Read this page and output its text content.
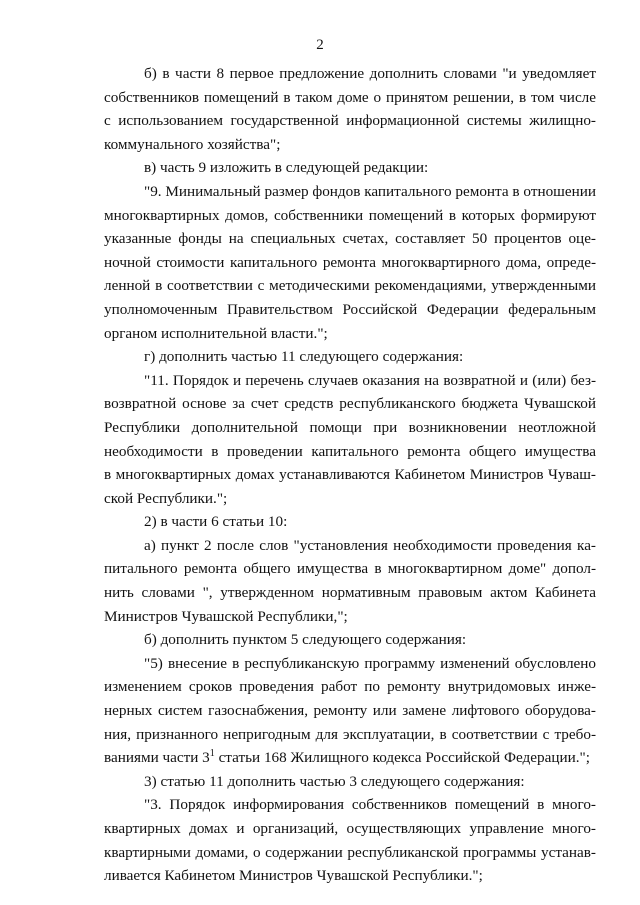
2

б) в части 8 первое предложение дополнить словами "и уведомляет
собственников помещений в таком доме о принятом решении, в том числе
с использованием государственной информационной системы жилищно-
коммунального хозяйства";

в) часть 9 изложить в следующей редакции:

"9. Минимальный размер фондов капитального ремонта в отношении
многоквартирных домов, собственники помещений в которых формируют
указанные фонды на специальных счетах, составляет 50 процентов оце-
ночной стоимости капитального ремонта многоквартирного дома, опреде-
ленной в соответствии с методическими рекомендациями, утвержденными
уполномоченным Правительством Российской Федерации федеральным
органом исполнительной власти.";

г) дополнить частью 11 следующего содержания:

"11. Порядок и перечень случаев оказания на возвратной и (или) без-
возвратной основе за счет средств республиканского бюджета Чувашской
Республики дополнительной помощи при возникновении неотложной
необходимости в проведении капитального ремонта общего имущества
в многоквартирных домах устанавливаются Кабинетом Министров Чуваш-
ской Республики.";

2) в части 6 статьи 10:

а) пункт 2 после слов "установления необходимости проведения ка-
питального ремонта общего имущества в многоквартирном доме" допол-
нить словами ", утвержденном нормативным правовым актом Кабинета
Министров Чувашской Республики,";

б) дополнить пунктом 5 следующего содержания:

"5) внесение в республиканскую программу изменений обусловлено
изменением сроков проведения работ по ремонту внутридомовых инже-
нерных систем газоснабжения, ремонту или замене лифтового оборудова-
ния, признанного непригодным для эксплуатации, в соответствии с требо-
ваниями части $3^1$ статьи 168 Жилищного кодекса Российской Федерации.";

3) статью 11 дополнить частью 3 следующего содержания:

"3. Порядок информирования собственников помещений в много-
квартирных домах и организаций, осуществляющих управление много-
квартирными домами, о содержании республиканской программы устанав-
ливается Кабинетом Министров Чувашской Республики.";
